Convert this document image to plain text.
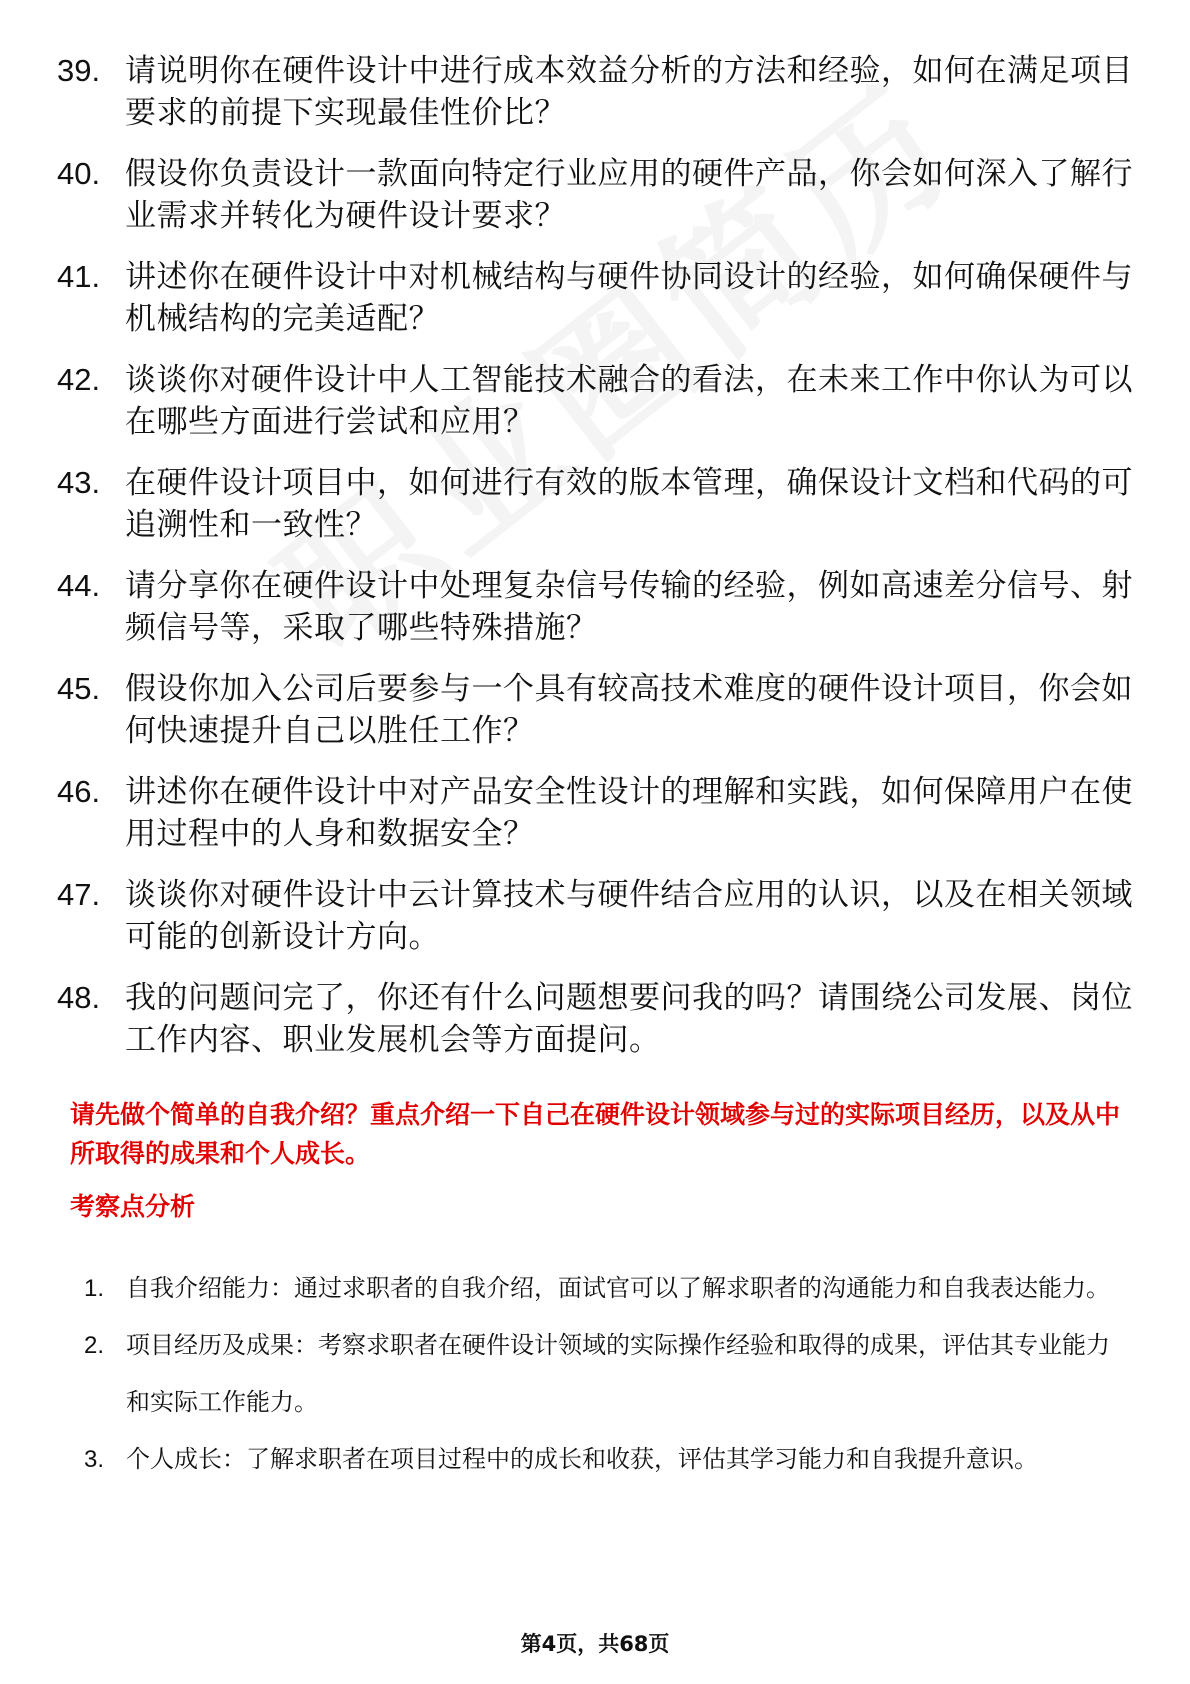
39. 请说明你在硬件设计中进行成本效益分析的方法和经验，如何在满足项目要求的前提下实现最佳性价比？
40. 假设你负责设计一款面向特定行业应用的硬件产品，你会如何深入了解行业需求并转化为硬件设计要求？
41. 讲述你在硬件设计中对机械结构与硬件协同设计的经验，如何确保硬件与机械结构的完美适配？
42. 谈谈你对硬件设计中人工智能技术融合的看法，在未来工作中你认为可以在哪些方面进行尝试和应用？
43. 在硬件设计项目中，如何进行有效的版本管理，确保设计文档和代码的可追溯性和一致性？
44. 请分享你在硬件设计中处理复杂信号传输的经验，例如高速差分信号、射频信号等，采取了哪些特殊措施？
45. 假设你加入公司后要参与一个具有较高技术难度的硬件设计项目，你会如何快速提升自己以胜任工作？
46. 讲述你在硬件设计中对产品安全性设计的理解和实践，如何保障用户在使用过程中的人身和数据安全？
47. 谈谈你对硬件设计中云计算技术与硬件结合应用的认识，以及在相关领域可能的创新设计方向。
48. 我的问题问完了，你还有什么问题想要问我的吗？请围绕公司发展、岗位工作内容、职业发展机会等方面提问。

请先做个简单的自我介绍？重点介绍一下自己在硬件设计领域参与过的实际项目经历，以及从中所取得的成果和个人成长。

考察点分析
1. 自我介绍能力：通过求职者的自我介绍，面试官可以了解求职者的沟通能力和自我表达能力。
2. 项目经历及成果：考察求职者在硬件设计领域的实际操作经验和取得的成果，评估其专业能力和实际工作能力。
3. 个人成长：了解求职者在项目过程中的成长和收获，评估其学习能力和自我提升意识。
第4页，共68页
